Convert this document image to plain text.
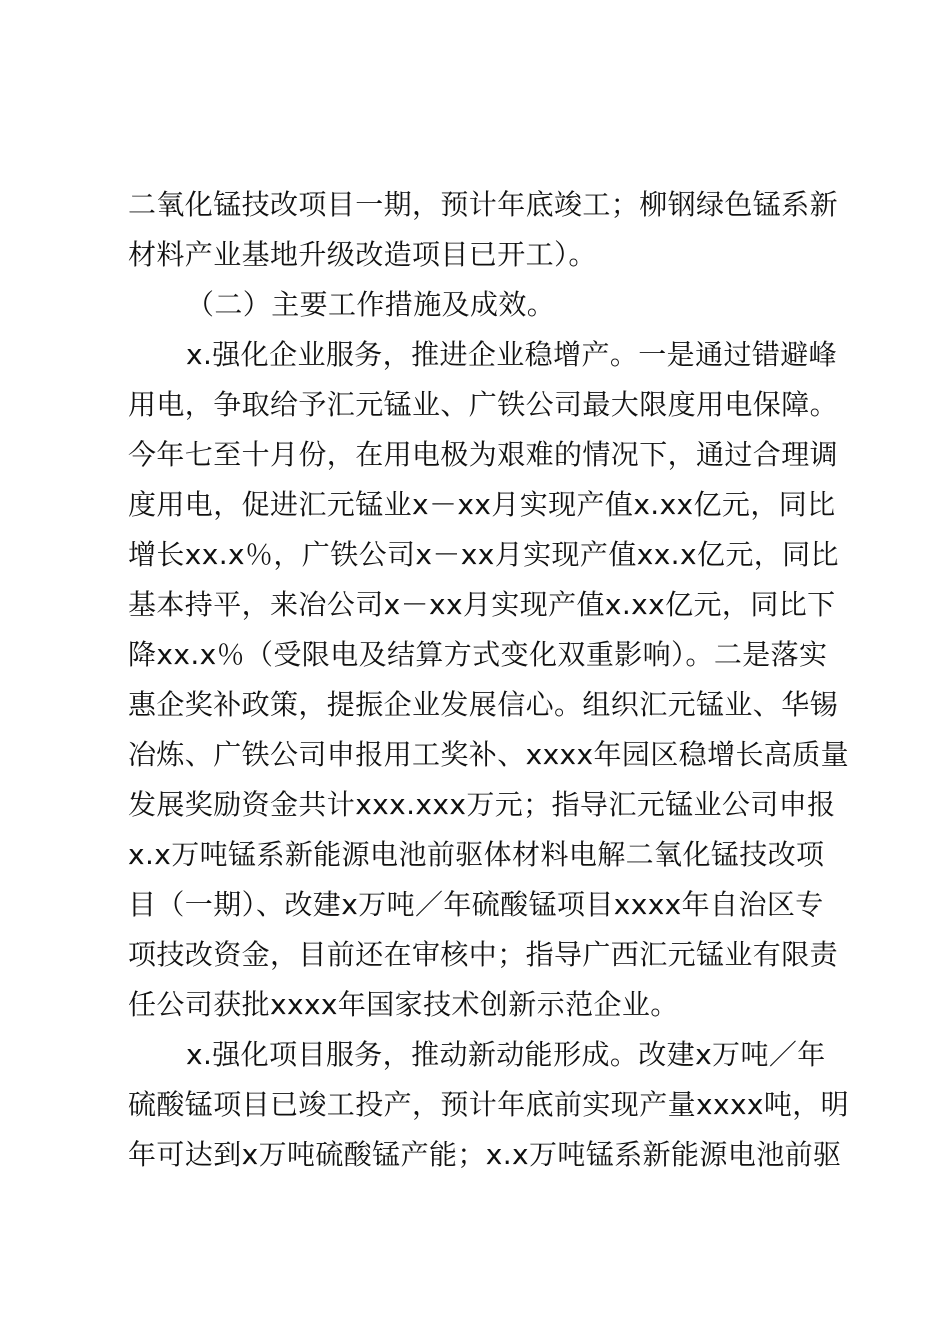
二氧化锰技改项目一期，预计年底竣工；柳钢绿色锰系新
材料产业基地升级改造项目已开工）。
（二）主要工作措施及成效。
x.强化企业服务，推进企业稳增产。一是通过错避峰
用电，争取给予汇元锰业、广铁公司最大限度用电保障。
今年七至十月份，在用电极为艰难的情况下，通过合理调
度用电，促进汇元锰业x－xx月实现产值x.xx亿元，同比
增长xx.x％，广铁公司x－xx月实现产值xx.x亿元，同比
基本持平，来冶公司x－xx月实现产值x.xx亿元，同比下
降xx.x％（受限电及结算方式变化双重影响）。二是落实
惠企奖补政策，提振企业发展信心。组织汇元锰业、华锡
冶炼、广铁公司申报用工奖补、xxxx年园区稳增长高质量
发展奖励资金共计xxx.xxx万元；指导汇元锰业公司申报
x.x万吨锰系新能源电池前驱体材料电解二氧化锰技改项
目（一期）、改建x万吨／年硫酸锰项目xxxx年自治区专
项技改资金，目前还在审核中；指导广西汇元锰业有限责
任公司获批xxxx年国家技术创新示范企业。
x.强化项目服务，推动新动能形成。改建x万吨／年
硫酸锰项目已竣工投产，预计年底前实现产量xxxx吨，明
年可达到x万吨硫酸锰产能；x.x万吨锰系新能源电池前驱
